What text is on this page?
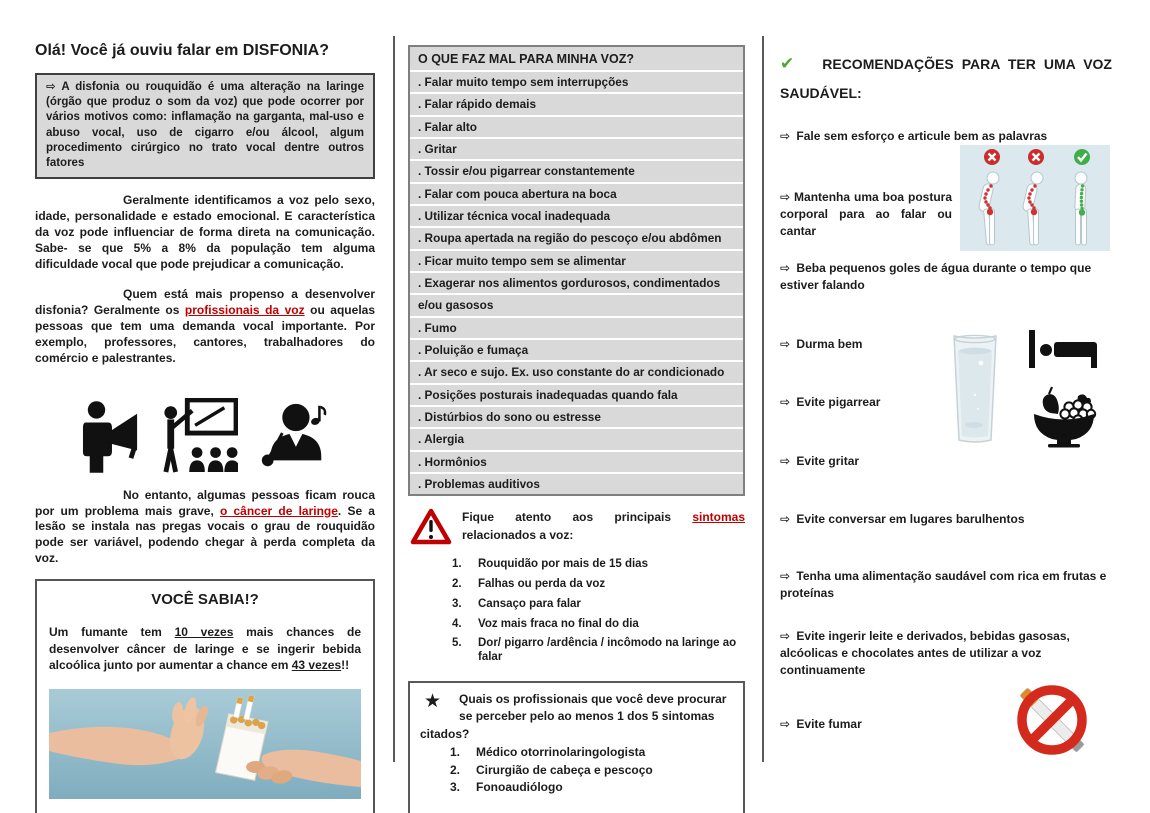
Olá! Você já ouviu falar em DISFONIA?
⇨ A disfonia ou rouquidão é uma alteração na laringe (órgão que produz o som da voz) que pode ocorrer por vários motivos como: inflamação na garganta, mal-uso e abuso vocal, uso de cigarro e/ou álcool, algum procedimento cirúrgico no trato vocal dentre outros fatores

Geralmente identificamos a voz pelo sexo, idade, personalidade e estado emocional. E característica da voz pode influenciar de forma direta na comunicação. Sabe- se que 5% a 8% da população tem alguma dificuldade vocal que pode prejudicar a comunicação.

Quem está mais propenso a desenvolver disfonia? Geralmente os profissionais da voz ou aquelas pessoas que tem uma demanda vocal importante. Por exemplo, professores, cantores, trabalhadores do comércio e palestrantes.

No entanto, algumas pessoas ficam rouca por um problema mais grave, o câncer de laringe. Se a lesão se instala nas pregas vocais o grau de rouquidão pode ser variável, podendo chegar à perda completa da voz.

VOCÊ SABIA!?
Um fumante tem 10 vezes mais chances de desenvolver câncer de laringe e se ingerir bebida alcoólica junto por aumentar a chance em 43 vezes!!
O QUE FAZ MAL PARA MINHA VOZ?
. Falar muito tempo sem interrupções
. Falar rápido demais
. Falar alto
. Gritar
. Tossir e/ou pigarrear constantemente
. Falar com pouca abertura na boca
. Utilizar técnica vocal inadequada
. Roupa apertada na região do pescoço e/ou abdômen
. Ficar muito tempo sem se alimentar
. Exagerar nos alimentos gordurosos, condimentados
e/ou gasosos
. Fumo
. Poluição e fumaça
. Ar seco e sujo. Ex. uso constante do ar condicionado
. Posições posturais inadequadas quando fala
. Distúrbios do sono ou estresse
. Alergia
. Hormônios
. Problemas auditivos
Fique atento aos principais sintomas relacionados a voz:
1.	Rouquidão por mais de 15 dias
2.	Falhas ou perda da voz
3.	Cansaço para falar
4.	Voz mais fraca no final do dia
5.	Dor/ pigarro /ardência / incômodo na laringe ao falar
★ Quais os profissionais que você deve procurar se perceber pelo ao menos 1 dos 5 sintomas citados?
1.	Médico otorrinolaringologista
2.	Cirurgião de cabeça e pescoço
3.	Fonoaudiólogo
✔ RECOMENDAÇÕES PARA TER UMA VOZ SAUDÁVEL:
⇨ Fale sem esforço e articule bem as palavras
⇨ Mantenha uma boa postura corporal para ao falar ou cantar
⇨ Beba pequenos goles de água durante o tempo que estiver falando
⇨ Durma bem
⇨ Evite pigarrear
⇨ Evite gritar
⇨ Evite conversar em lugares barulhentos
⇨ Tenha uma alimentação saudável com rica em frutas e proteínas
⇨ Evite ingerir leite e derivados, bebidas gasosas, alcóolicas e chocolates antes de utilizar a voz continuamente
⇨ Evite fumar
